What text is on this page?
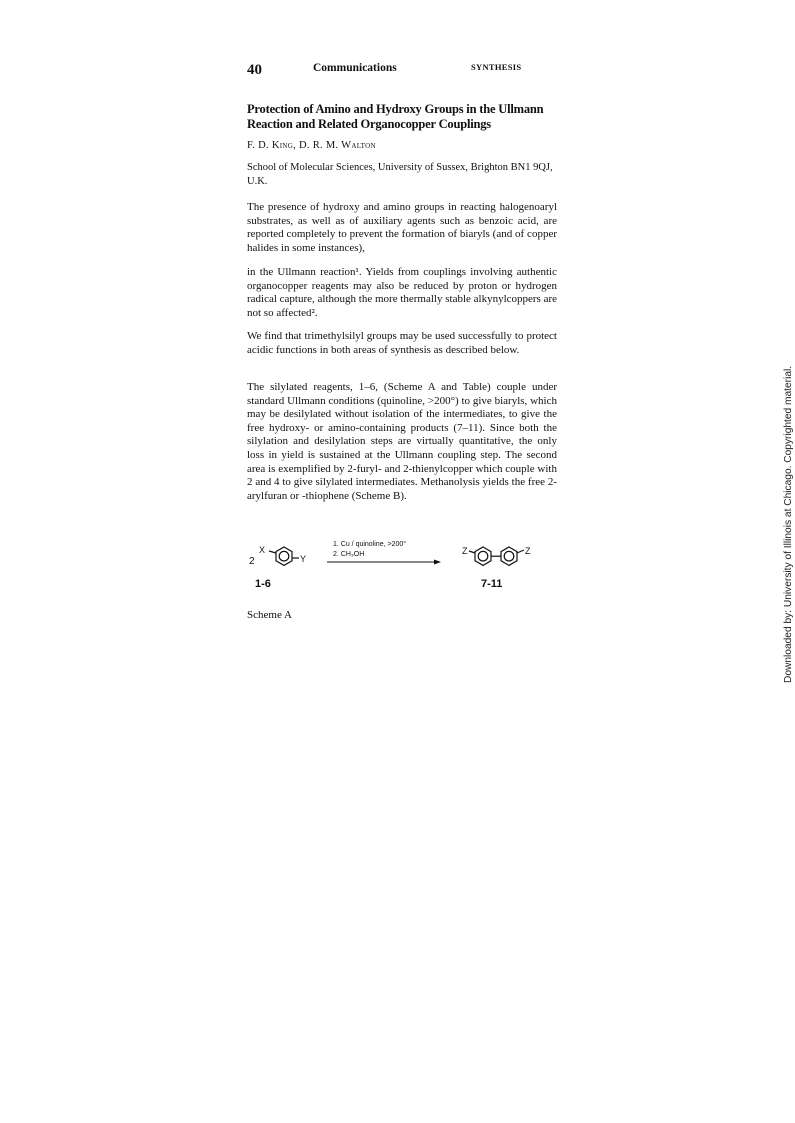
40	Communications	SYNTHESIS
Protection of Amino and Hydroxy Groups in the Ullmann Reaction and Related Organocopper Couplings
F. D. King, D. R. M. Walton
School of Molecular Sciences, University of Sussex, Brighton BN1 9QJ, U.K.
The presence of hydroxy and amino groups in reacting halogenoaryl substrates, as well as of auxiliary agents such as benzoic acid, are reported completely to prevent the formation of biaryls (and of copper halides in some instances),
in the Ullmann reaction¹. Yields from couplings involving authentic organocopper reagents may also be reduced by proton or hydrogen radical capture, although the more thermally stable alkynylcoppers are not so affected².
We find that trimethylsilyl groups may be used successfully to protect acidic functions in both areas of synthesis as described below.
The silylated reagents, 1–6, (Scheme A and Table) couple under standard Ullmann conditions (quinoline, >200°) to give biaryls, which may be desilylated without isolation of the intermediates, to give the free hydroxy- or amino-containing products (7–11). Since both the silylation and desilylation steps are virtually quantitative, the only loss in yield is sustained at the Ullmann coupling step. The second area is exemplified by 2-furyl- and 2-thienylcopper which couple with 2 and 4 to give silylated intermediates. Methanolysis yields the free 2-arylfuran or -thiophene (Scheme B).
2
X
Y
1. Cu / quinoline, >200°
2. CH₃OH	Z	Z
1-6	7-11
Scheme A	Downloaded by: University of Illinois at Chicago. Copyrighted material.
